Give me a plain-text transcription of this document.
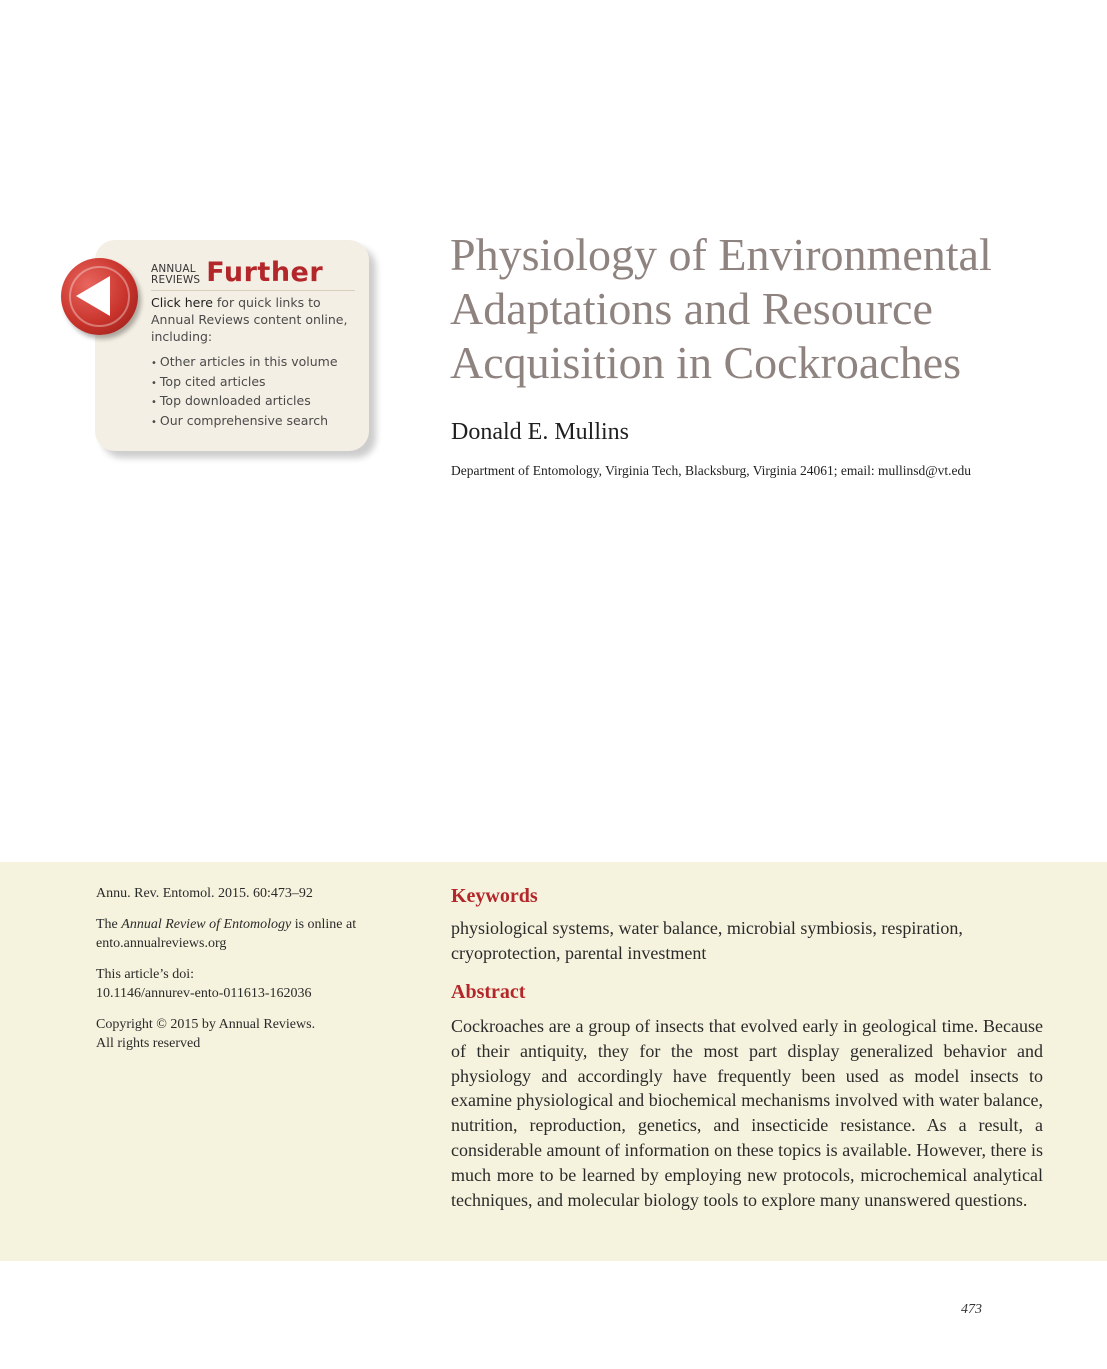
ANNUAL
REVIEWS Further
Click here for quick links to Annual Reviews content online, including:
• Other articles in this volume
• Top cited articles
• Top downloaded articles
• Our comprehensive search
Physiology of Environmental Adaptations and Resource Acquisition in Cockroaches

Donald E. Mullins

Department of Entomology, Virginia Tech, Blacksburg, Virginia 24061; email: mullinsd@vt.edu

Annu. Rev. Entomol. 2015. 60:473–92

The Annual Review of Entomology is online at
ento.annualreviews.org

This article’s doi:
10.1146/annurev-ento-011613-162036

Copyright © 2015 by Annual Reviews.
All rights reserved

Keywords

physiological systems, water balance, microbial symbiosis, respiration, cryoprotection, parental investment

Abstract

Cockroaches are a group of insects that evolved early in geological time. Because of their antiquity, they for the most part display generalized behavior and physiology and accordingly have frequently been used as model insects to examine physiological and biochemical mechanisms involved with water balance, nutrition, reproduction, genetics, and insecticide resistance. As a result, a considerable amount of information on these topics is available. However, there is much more to be learned by employing new protocols, microchemical analytical techniques, and molecular biology tools to explore many unanswered questions.

473
